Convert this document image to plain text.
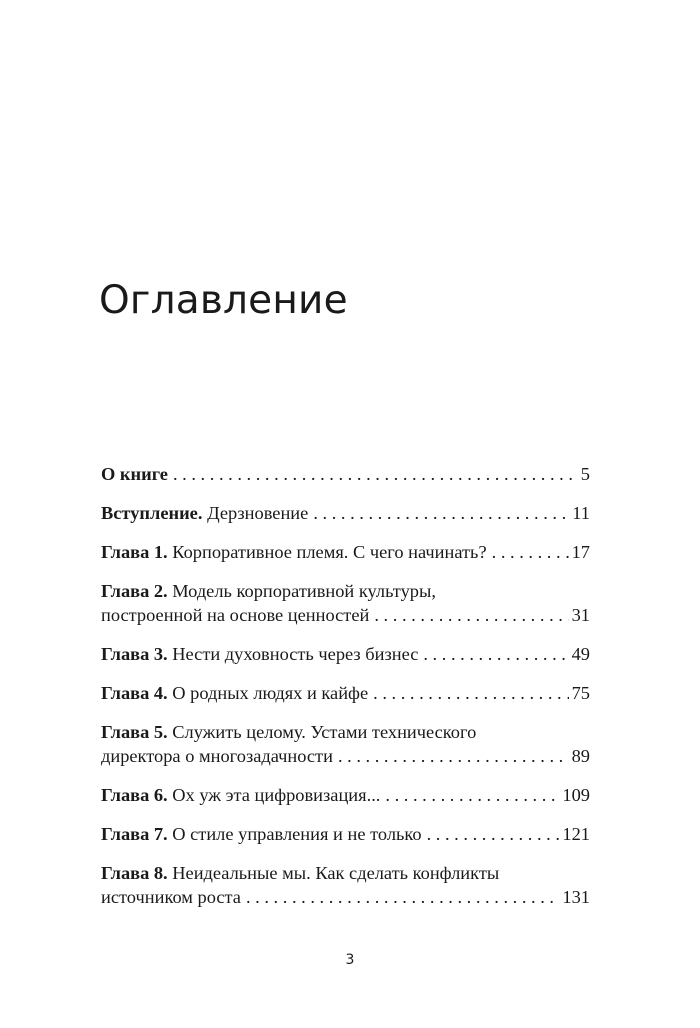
Оглавление
О книге . . .	5
Вступление. Дерзновение . . .	11
Глава 1. Корпоративное племя. С чего начинать? . . .	17
Глава 2. Модель корпоративной культуры,
построенной на основе ценностей . . .	31
Глава 3. Нести духовность через бизнес . . .	49
Глава 4. О родных людях и кайфе . . .	75
Глава 5. Служить целому. Устами технического
директора о многозадачности . . .	89
Глава 6. Ох уж эта цифровизация... . . .	109
Глава 7. О стиле управления и не только . . .	121
Глава 8. Неидеальные мы. Как сделать конфликты
источником роста . . .	131
3
